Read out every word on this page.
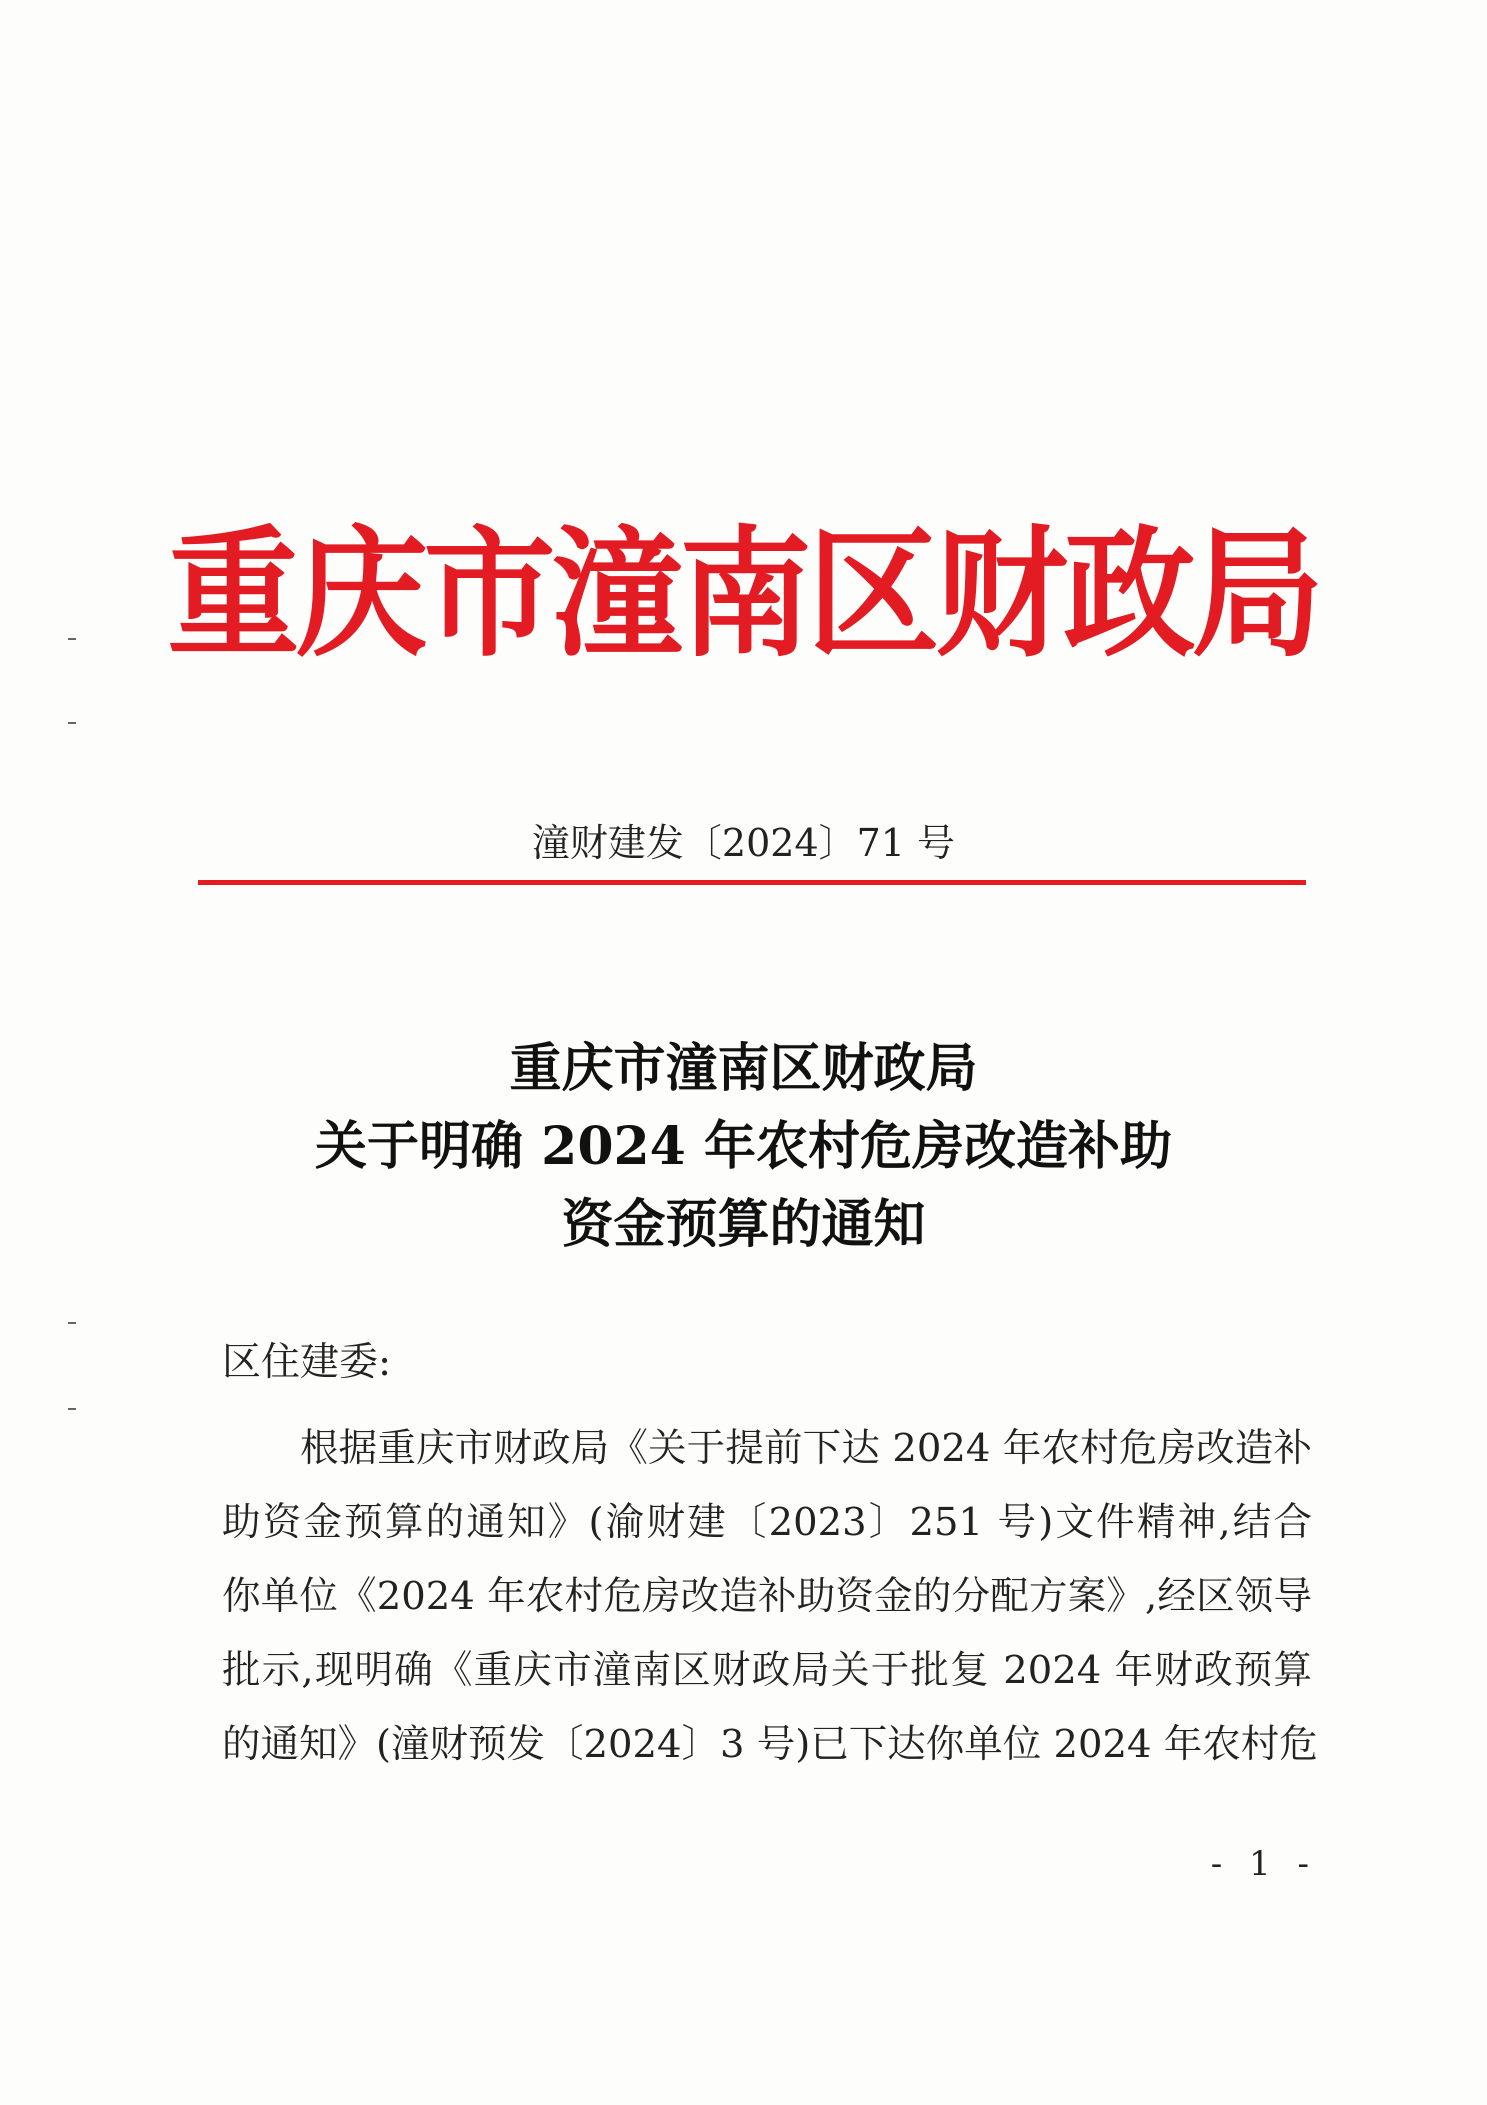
重庆市潼南区财政局
潼财建发〔2024〕71 号
重庆市潼南区财政局
关于明确 2024 年农村危房改造补助
资金预算的通知
区住建委:
根据重庆市财政局《关于提前下达 2024 年农村危房改造补
助资金预算的通知》(渝财建〔2023〕251 号)文件精神,结合
你单位《2024 年农村危房改造补助资金的分配方案》,经区领导
批示,现明确《重庆市潼南区财政局关于批复 2024 年财政预算
的通知》(潼财预发〔2024〕3 号)已下达你单位 2024 年农村危
- 1 -
